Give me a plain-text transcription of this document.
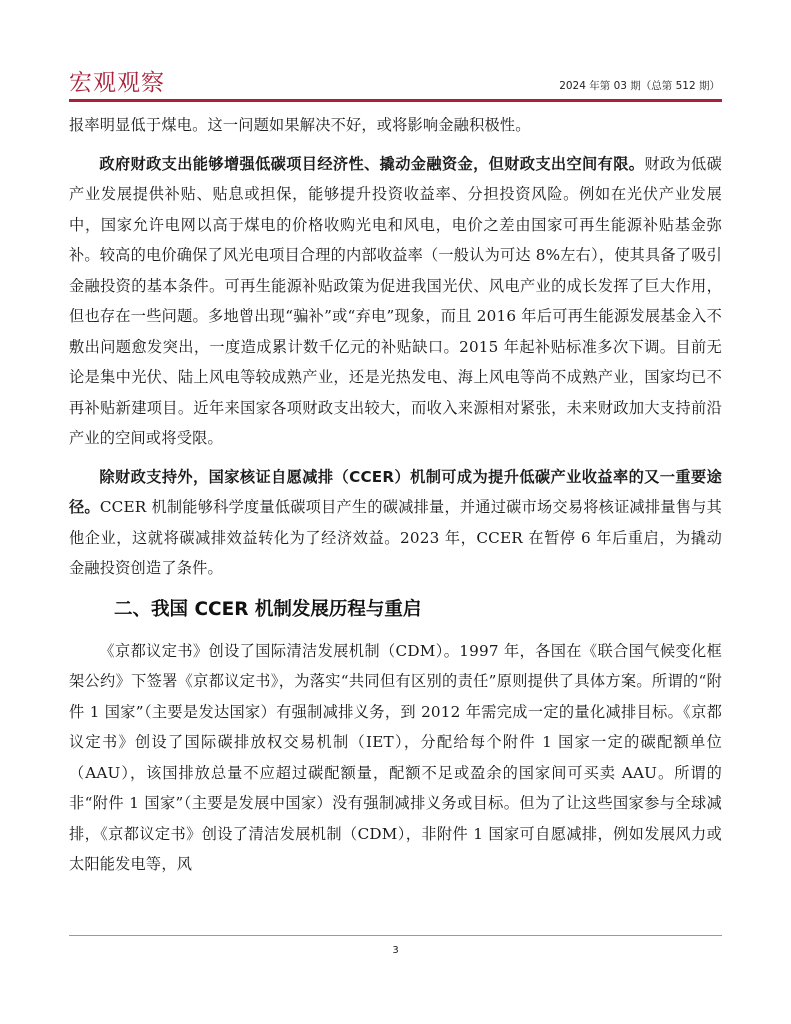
宏观观察	2024 年第 03 期（总第 512 期）

报率明显低于煤电。这一问题如果解决不好，或将影响金融积极性。

政府财政支出能够增强低碳项目经济性、撬动金融资金，但财政支出空间有限。财政为低碳产业发展提供补贴、贴息或担保，能够提升投资收益率、分担投资风险。例如在光伏产业发展中，国家允许电网以高于煤电的价格收购光电和风电，电价之差由国家可再生能源补贴基金弥补。较高的电价确保了风光电项目合理的内部收益率（一般认为可达 8%左右），使其具备了吸引金融投资的基本条件。可再生能源补贴政策为促进我国光伏、风电产业的成长发挥了巨大作用，但也存在一些问题。多地曾出现“骗补”或“弃电”现象，而且 2016 年后可再生能源发展基金入不敷出问题愈发突出，一度造成累计数千亿元的补贴缺口。2015 年起补贴标准多次下调。目前无论是集中光伏、陆上风电等较成熟产业，还是光热发电、海上风电等尚不成熟产业，国家均已不再补贴新建项目。近年来国家各项财政支出较大，而收入来源相对紧张，未来财政加大支持前沿产业的空间或将受限。

除财政支持外，国家核证自愿减排（CCER）机制可成为提升低碳产业收益率的又一重要途径。CCER 机制能够科学度量低碳项目产生的碳减排量，并通过碳市场交易将核证减排量售与其他企业，这就将碳减排效益转化为了经济效益。2023 年，CCER 在暂停 6 年后重启，为撬动金融投资创造了条件。

二、我国 CCER 机制发展历程与重启

《京都议定书》创设了国际清洁发展机制（CDM）。1997 年，各国在《联合国气候变化框架公约》下签署《京都议定书》，为落实“共同但有区别的责任”原则提供了具体方案。所谓的“附件 1 国家”（主要是发达国家）有强制减排义务，到 2012 年需完成一定的量化减排目标。《京都议定书》创设了国际碳排放权交易机制（IET），分配给每个附件 1 国家一定的碳配额单位（AAU），该国排放总量不应超过碳配额量，配额不足或盈余的国家间可买卖 AAU。所谓的非“附件 1 国家”（主要是发展中国家）没有强制减排义务或目标。但为了让这些国家参与全球减排，《京都议定书》创设了清洁发展机制（CDM），非附件 1 国家可自愿减排，例如发展风力或太阳能发电等，风

3
